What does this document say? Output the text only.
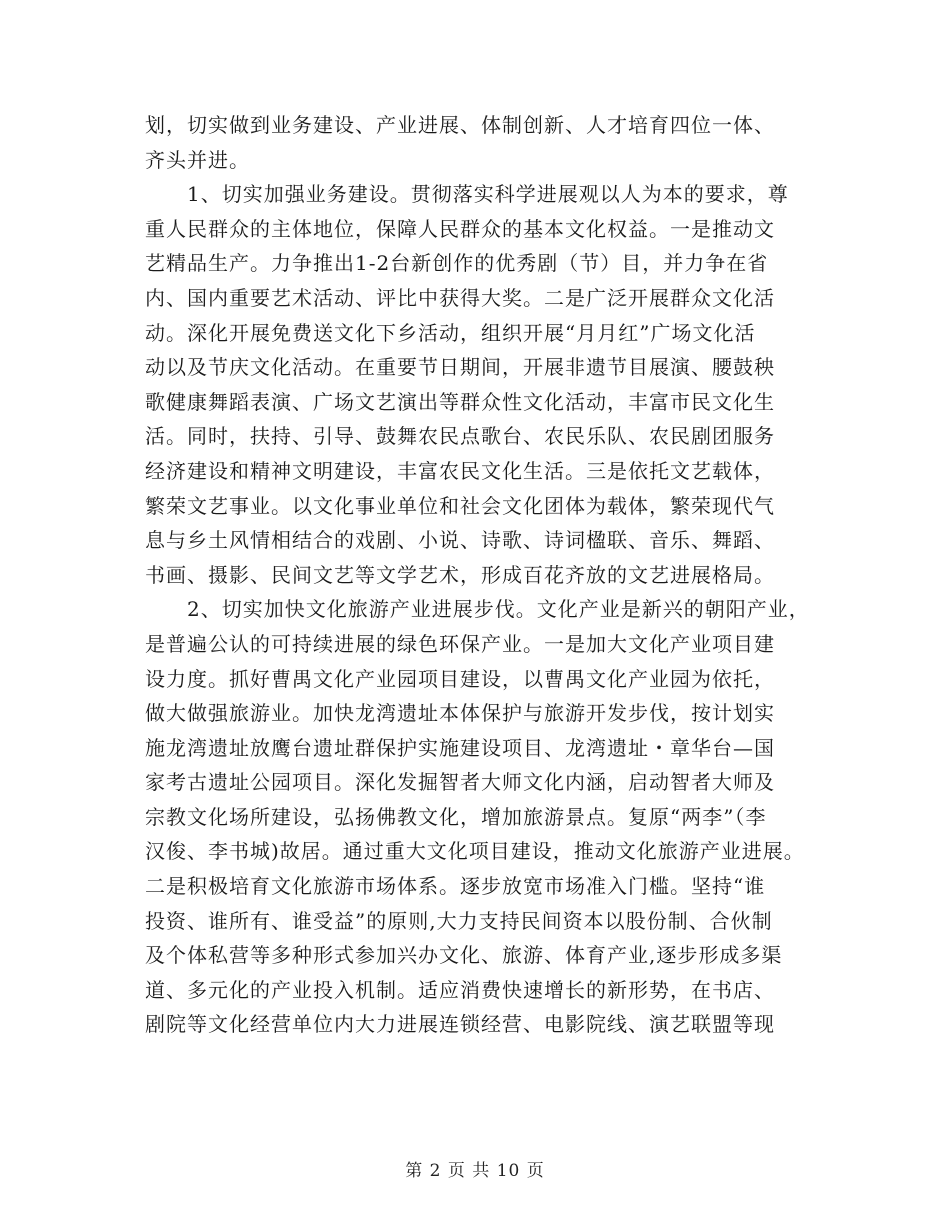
划，切实做到业务建设、产业进展、体制创新、人才培育四位一体、
齐头并进。
1、切实加强业务建设。贯彻落实科学进展观以人为本的要求，尊
重人民群众的主体地位，保障人民群众的基本文化权益。一是推动文
艺精品生产。力争推出1-2台新创作的优秀剧（节）目，并力争在省
内、国内重要艺术活动、评比中获得大奖。二是广泛开展群众文化活
动。深化开展免费送文化下乡活动，组织开展“月月红”广场文化活
动以及节庆文化活动。在重要节日期间，开展非遗节目展演、腰鼓秧
歌健康舞蹈表演、广场文艺演出等群众性文化活动，丰富市民文化生
活。同时，扶持、引导、鼓舞农民点歌台、农民乐队、农民剧团服务
经济建设和精神文明建设，丰富农民文化生活。三是依托文艺载体，
繁荣文艺事业。以文化事业单位和社会文化团体为载体，繁荣现代气
息与乡土风情相结合的戏剧、小说、诗歌、诗词楹联、音乐、舞蹈、
书画、摄影、民间文艺等文学艺术，形成百花齐放的文艺进展格局。
2、切实加快文化旅游产业进展步伐。文化产业是新兴的朝阳产业，
是普遍公认的可持续进展的绿色环保产业。一是加大文化产业项目建
设力度。抓好曹禺文化产业园项目建设，以曹禺文化产业园为依托，
做大做强旅游业。加快龙湾遗址本体保护与旅游开发步伐，按计划实
施龙湾遗址放鹰台遗址群保护实施建设项目、龙湾遗址・章华台—国
家考古遗址公园项目。深化发掘智者大师文化内涵，启动智者大师及
宗教文化场所建设，弘扬佛教文化，增加旅游景点。复原“两李”（李
汉俊、李书城)故居。通过重大文化项目建设，推动文化旅游产业进展。
二是积极培育文化旅游市场体系。逐步放宽市场准入门槛。坚持“谁
投资、谁所有、谁受益”的原则,大力支持民间资本以股份制、合伙制
及个体私营等多种形式参加兴办文化、旅游、体育产业,逐步形成多渠
道、多元化的产业投入机制。适应消费快速增长的新形势，在书店、
剧院等文化经营单位内大力进展连锁经营、电影院线、演艺联盟等现
第 2 页 共 10 页
